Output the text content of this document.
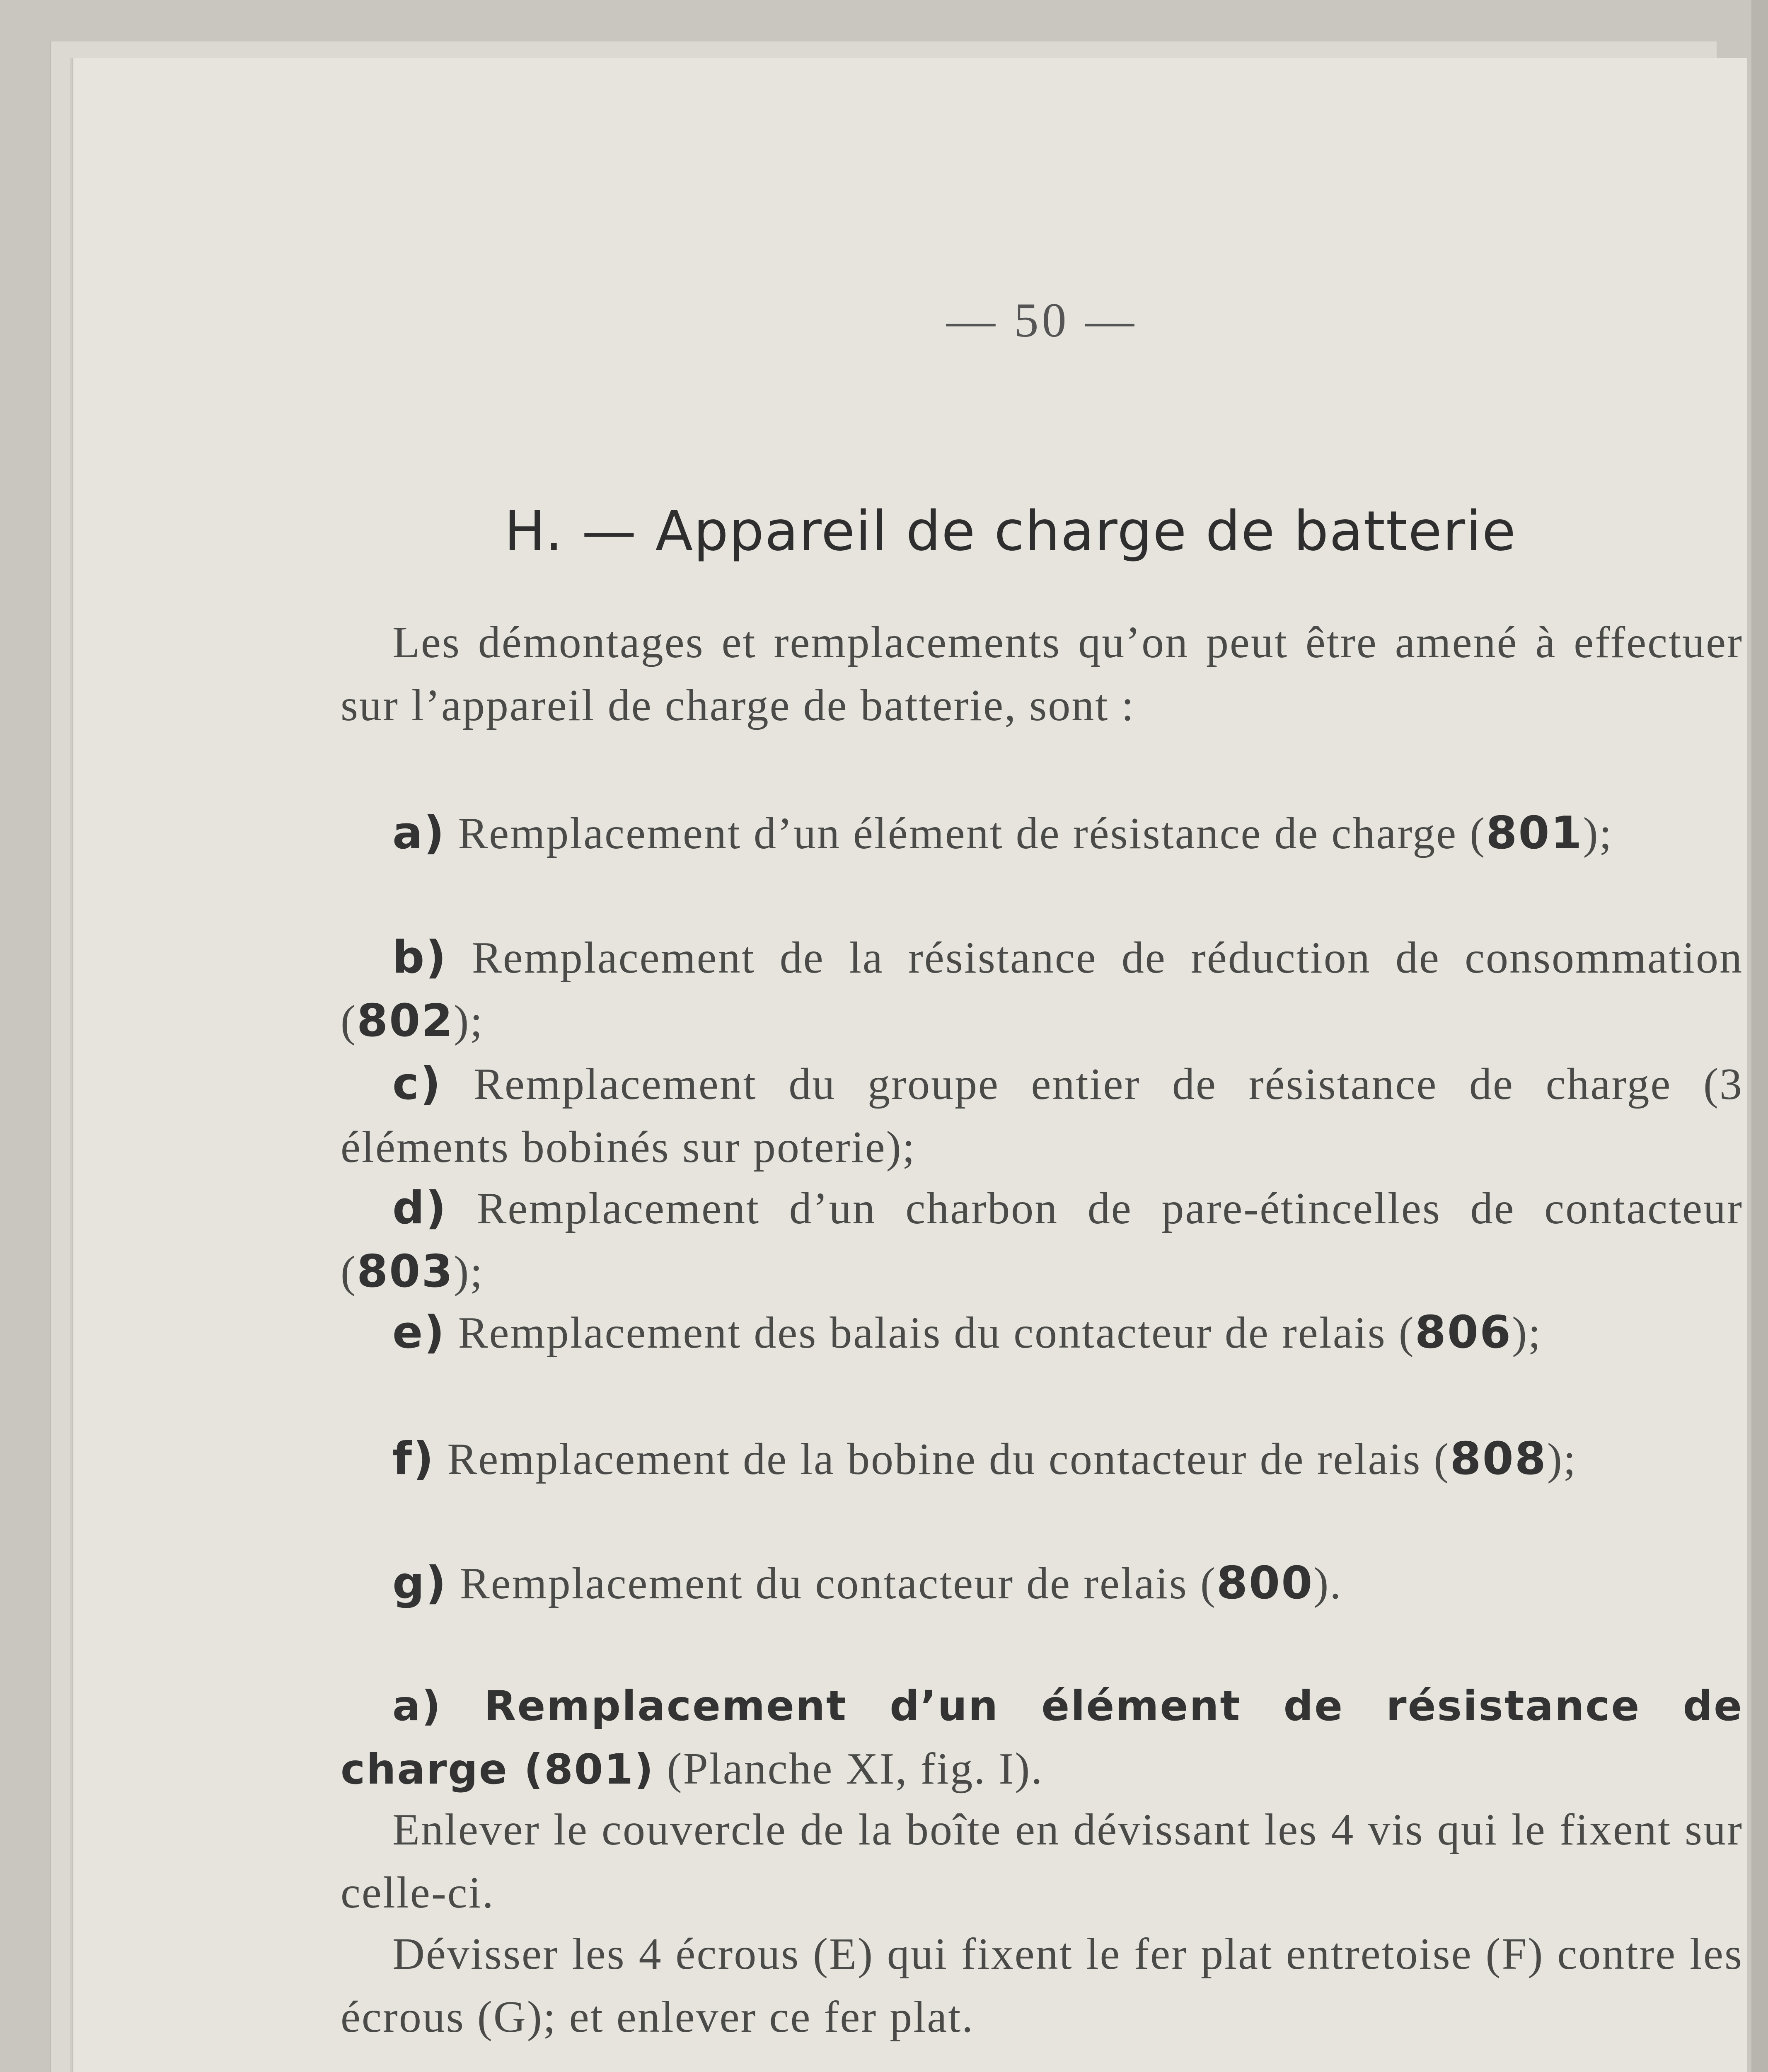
— 50 —
H. — Appareil de charge de batterie

Les démontages et remplacements qu’on peut être amené à effectuer sur l’appareil de charge de batterie, sont :

a) Remplacement d’un élément de résistance de charge (801);

b) Remplacement de la résistance de réduction de consommation (802);

c) Remplacement du groupe entier de résistance de charge (3 éléments bobinés sur poterie);

d) Remplacement d’un charbon de pare-étincelles de contacteur (803);

e) Remplacement des balais du contacteur de relais (806);

f) Remplacement de la bobine du contacteur de relais (808);

g) Remplacement du contacteur de relais (800).

a) Remplacement d’un élément de résistance de charge (801) (Planche XI, fig. I).

Enlever le couvercle de la boîte en dévissant les 4 vis qui le fixent sur celle-ci.

Dévisser les 4 écrous (E) qui fixent le fer plat entretoise (F) contre les écrous (G); et enlever ce fer plat.
